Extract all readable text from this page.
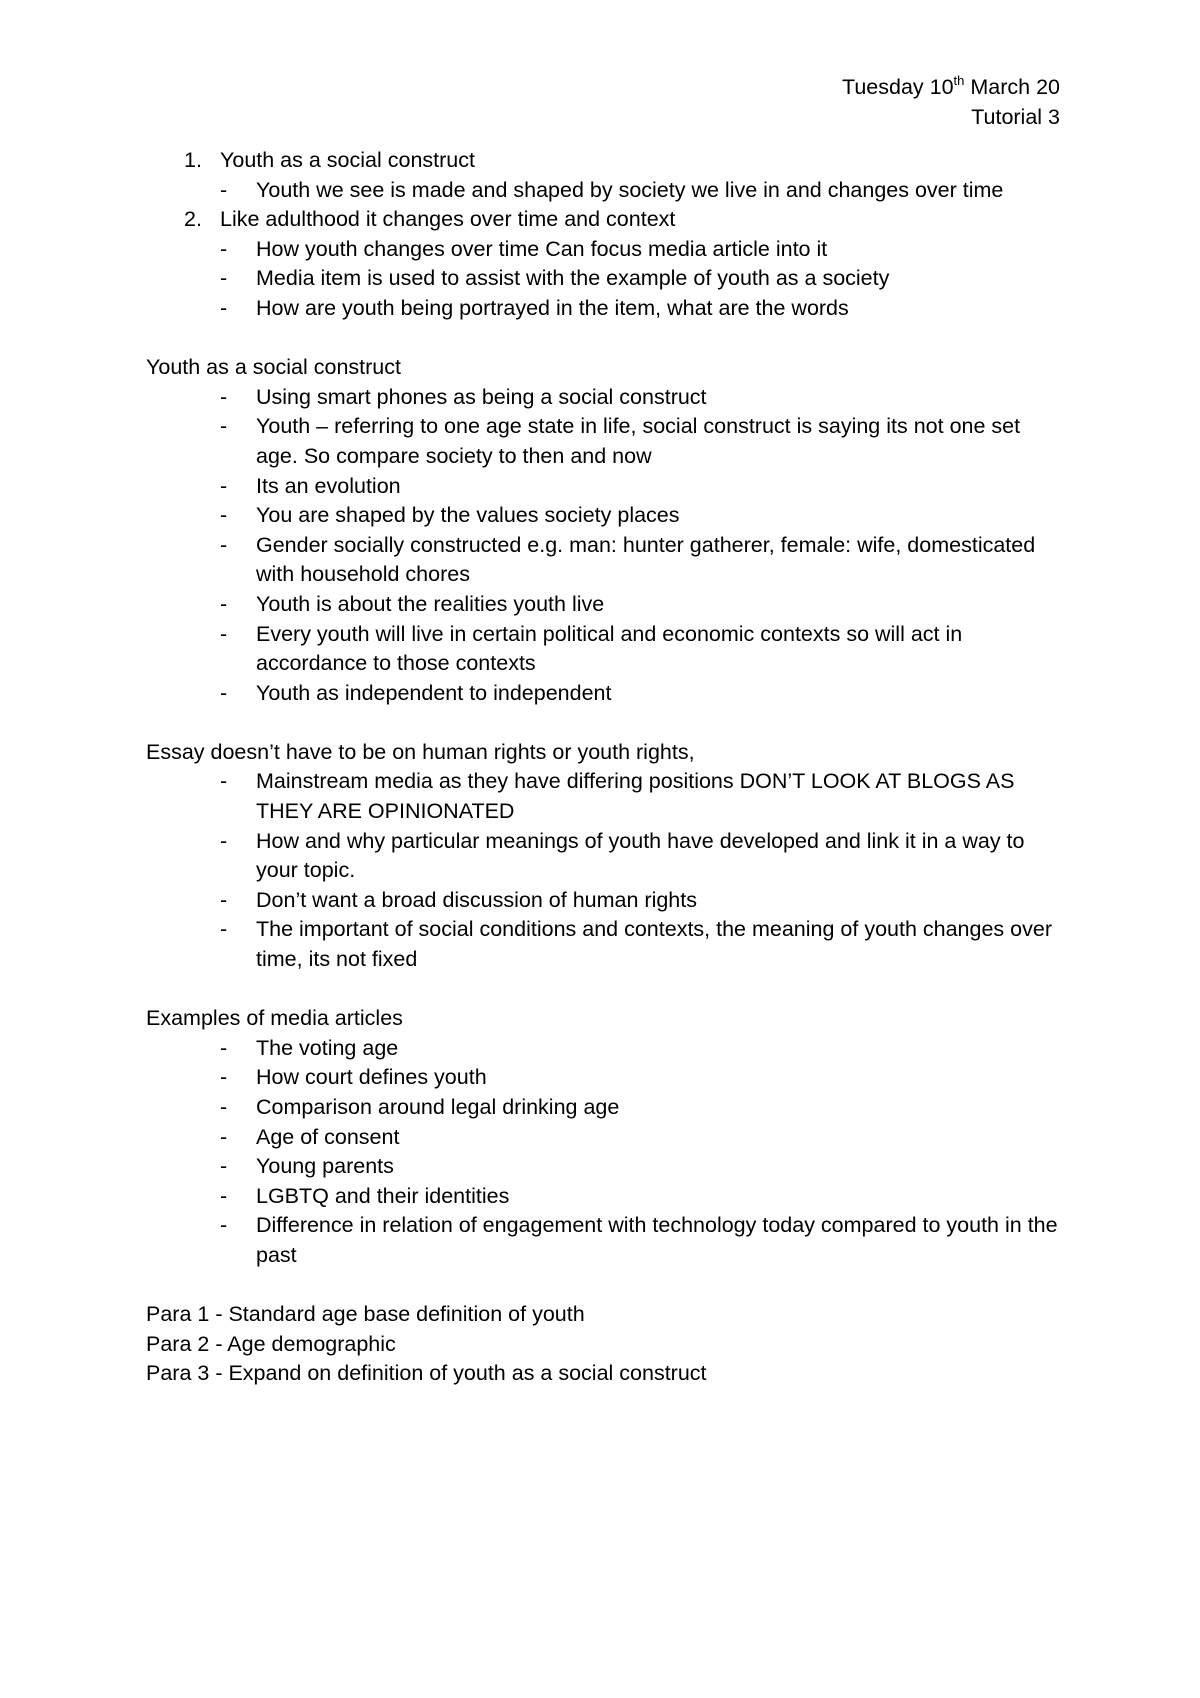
Tuesday 10th March 20
Tutorial 3
1. Youth as a social construct
- Youth we see is made and shaped by society we live in and changes over time
2. Like adulthood it changes over time and context
- How youth changes over time Can focus media article into it
- Media item is used to assist with the example of youth as a society
- How are youth being portrayed in the item, what are the words
Youth as a social construct
- Using smart phones as being a social construct
- Youth – referring to one age state in life, social construct is saying its not one set age. So compare society to then and now
- Its an evolution
- You are shaped by the values society places
- Gender socially constructed e.g. man: hunter gatherer, female: wife, domesticated with household chores
- Youth is about the realities youth live
- Every youth will live in certain political and economic contexts so will act in accordance to those contexts
- Youth as independent to independent
Essay doesn’t have to be on human rights or youth rights,
- Mainstream media as they have differing positions DON’T LOOK AT BLOGS AS THEY ARE OPINIONATED
- How and why particular meanings of youth have developed and link it in a way to your topic.
- Don’t want a broad discussion of human rights
- The important of social conditions and contexts, the meaning of youth changes over time, its not fixed
Examples of media articles
- The voting age
- How court defines youth
- Comparison around legal drinking age
- Age of consent
- Young parents
- LGBTQ and their identities
- Difference in relation of engagement with technology today compared to youth in the past
Para 1 - Standard age base definition of youth
Para 2 - Age demographic
Para 3 - Expand on definition of youth as a social construct
